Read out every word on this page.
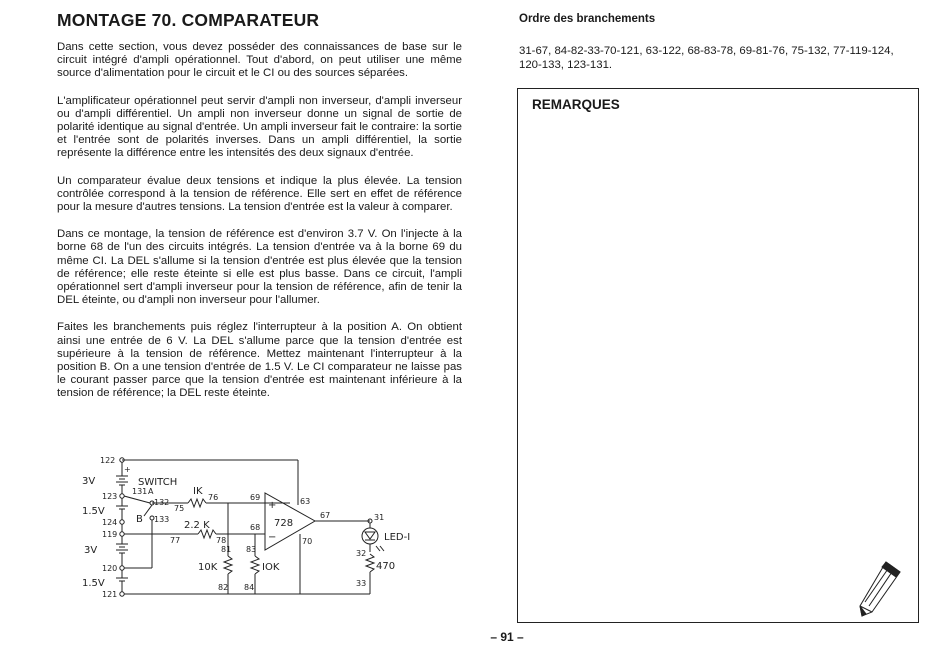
MONTAGE 70. COMPARATEUR

Dans cette section, vous devez posséder des connaissances de base sur le circuit intégré d'ampli opérationnel. Tout d'abord, on peut utiliser une même source d'alimentation pour le circuit et le CI ou des sources séparées.

L'amplificateur opérationnel peut servir d'ampli non inverseur, d'ampli inverseur ou d'ampli différentiel. Un ampli non inverseur donne un signal de sortie de polarité identique au signal d'entrée. Un ampli inverseur fait le contraire: la sortie et l'entrée sont de polarités inverses. Dans un ampli différentiel, la sortie représente la différence entre les intensités des deux signaux d'entrée.

Un comparateur évalue deux tensions et indique la plus élevée. La tension contrôlée correspond à la tension de référence. Elle sert en effet de référence pour la mesure d'autres tensions. La tension d'entrée est la valeur à comparer.

Dans ce montage, la tension de référence est d'environ 3.7 V. On l'injecte à la borne 68 de l'un des circuits intégrés. La tension d'entrée va à la borne 69 du même CI. La DEL s'allume si la tension d'entrée est plus élevée que la tension de référence; elle reste éteinte si elle est plus basse. Dans ce circuit, l'ampli opérationnel sert d'ampli inverseur pour la tension de référence, afin de tenir la DEL éteinte, ou d'ampli non inverseur pour l'allumer.

Faites les branchements puis réglez l'interrupteur à la position A. On obtient ainsi une entrée de 6 V. La DEL s'allume parce que la tension d'entrée est supérieure à la tension de référence. Mettez maintenant l'interrupteur à la position B. On a une tension d'entrée de 1.5 V. Le CI comparateur ne laisse pas le courant passer parce que la tension d'entrée est maintenant inférieure à la tension de référence; la DEL reste éteinte.

122
+
3V
123
1.5V
124
119
3V
120
1.5V
121
SWITCH
131 A
132
B 133
IK
76
75
2.2 K
77	78
81
10K
82
83
IOK
84
+
−
728
69
68
63
70
67	31
LED-I
32
470
33
Ordre des branchements
31-67, 84-82-33-70-121, 63-122, 68-83-78, 69-81-76, 75-132, 77-119-124, 120-133, 123-131.
REMARQUES
– 91 –
